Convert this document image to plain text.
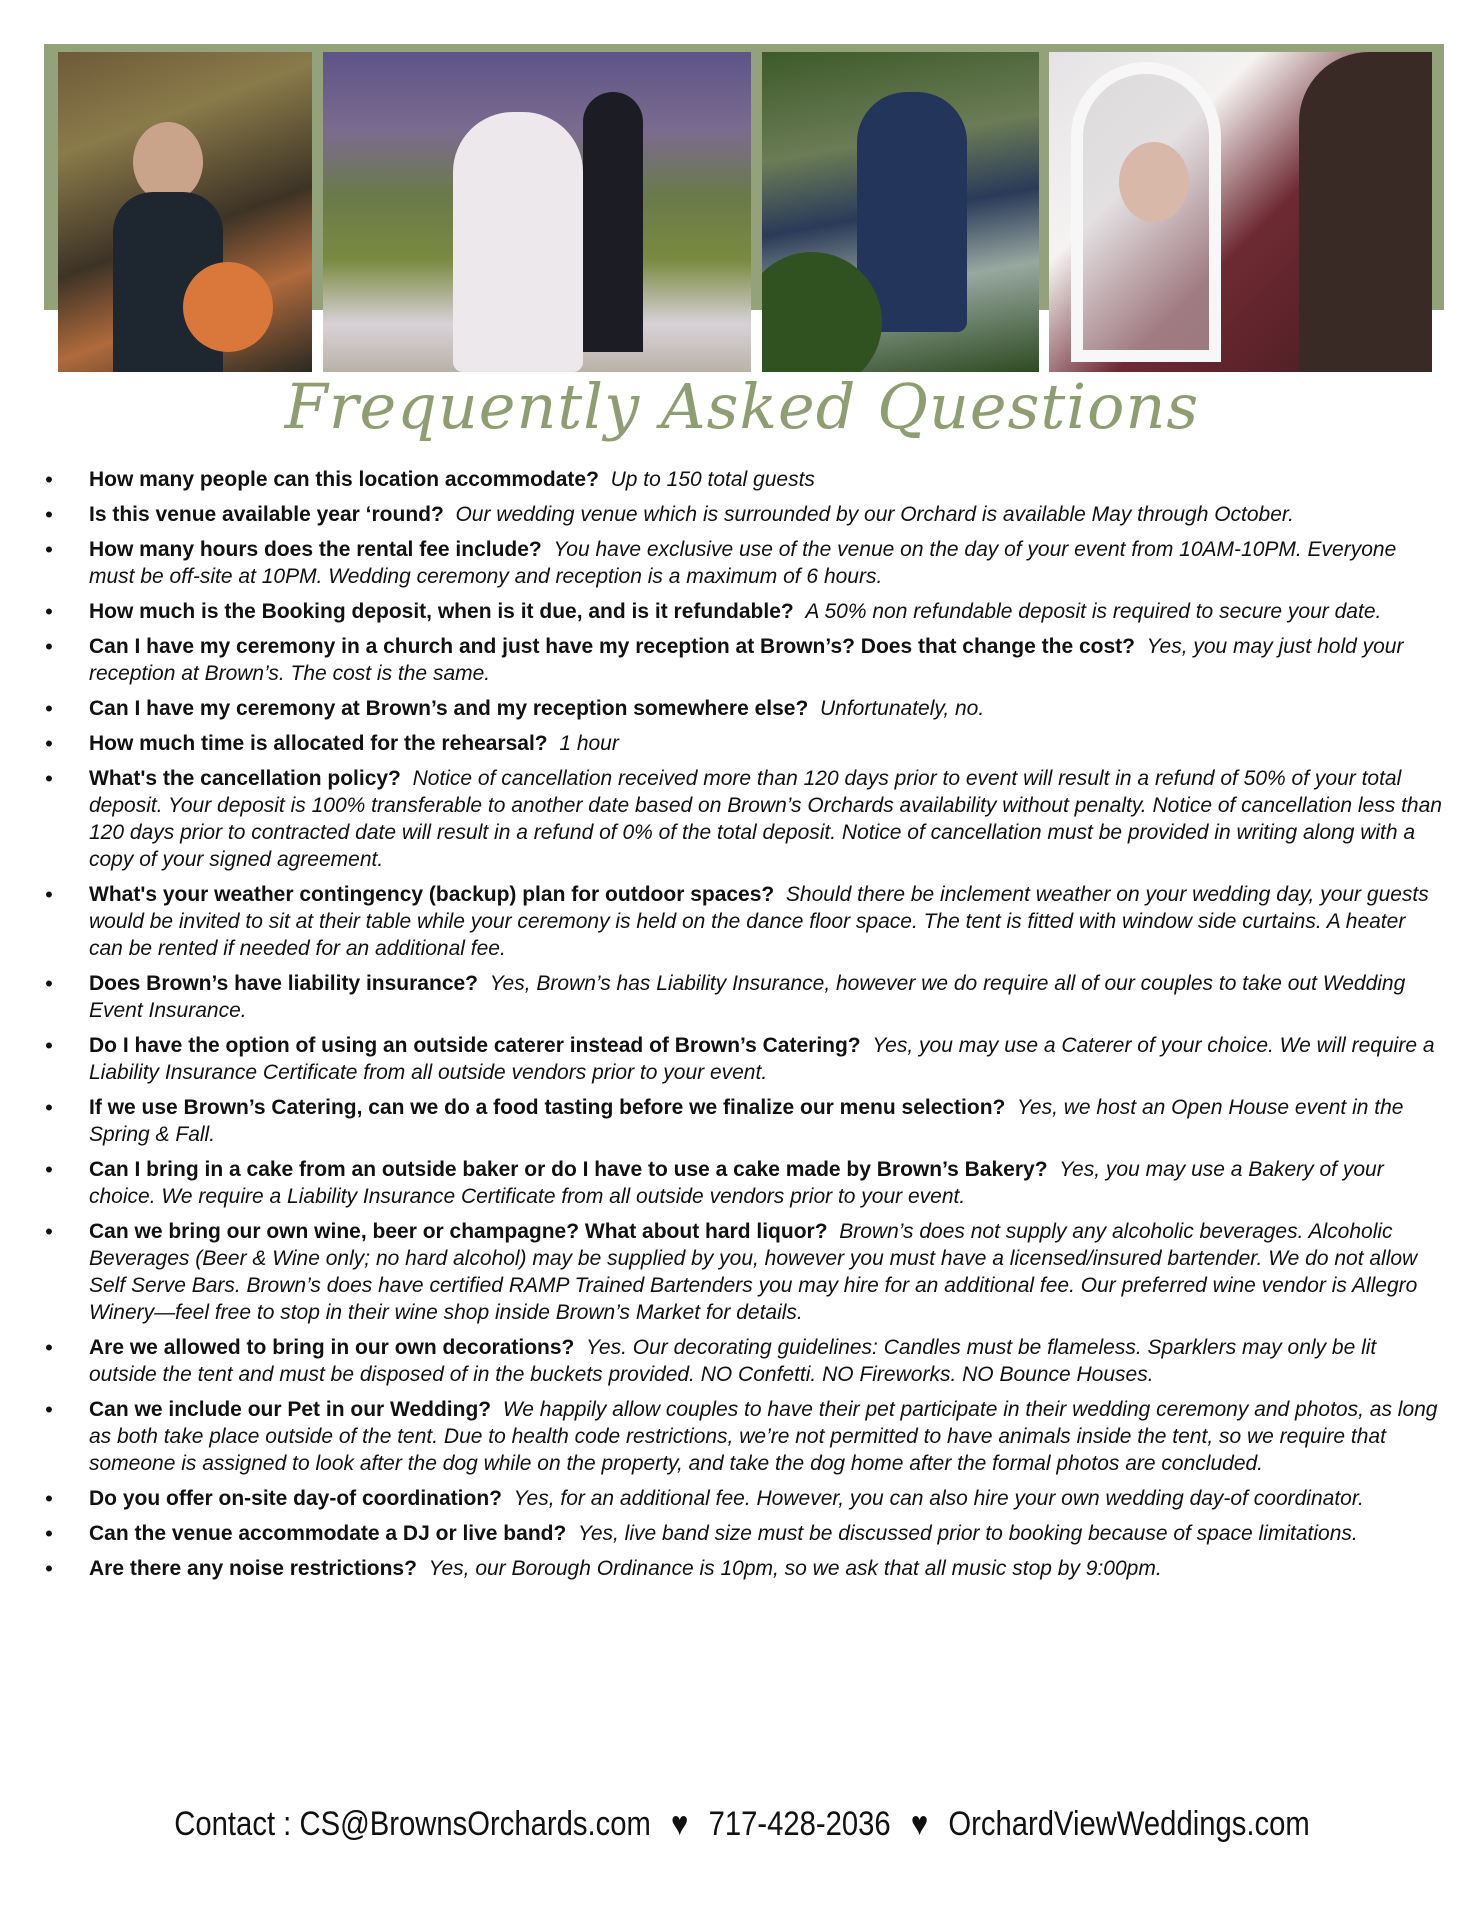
Frequently Asked Questions
• How many people can this location accommodate? Up to 150 total guests
• Is this venue available year ‘round? Our wedding venue which is surrounded by our Orchard is available May through October.
• How many hours does the rental fee include? You have exclusive use of the venue on the day of your event from 10AM-10PM. Everyone must be off-site at 10PM. Wedding ceremony and reception is a maximum of 6 hours.
• How much is the Booking deposit, when is it due, and is it refundable? A 50% non refundable deposit is required to secure your date.
• Can I have my ceremony in a church and just have my reception at Brown’s? Does that change the cost? Yes, you may just hold your reception at Brown’s. The cost is the same.
• Can I have my ceremony at Brown’s and my reception somewhere else? Unfortunately, no.
• How much time is allocated for the rehearsal? 1 hour
• What's the cancellation policy? Notice of cancellation received more than 120 days prior to event will result in a refund of 50% of your total deposit. Your deposit is 100% transferable to another date based on Brown’s Orchards availability without penalty. Notice of cancellation less than 120 days prior to contracted date will result in a refund of 0% of the total deposit. Notice of cancellation must be provided in writing along with a copy of your signed agreement.
• What's your weather contingency (backup) plan for outdoor spaces? Should there be inclement weather on your wedding day, your guests would be invited to sit at their table while your ceremony is held on the dance floor space. The tent is fitted with window side curtains. A heater can be rented if needed for an additional fee.
• Does Brown’s have liability insurance? Yes, Brown’s has Liability Insurance, however we do require all of our couples to take out Wedding Event Insurance.
• Do I have the option of using an outside caterer instead of Brown’s Catering? Yes, you may use a Caterer of your choice. We will require a Liability Insurance Certificate from all outside vendors prior to your event.
• If we use Brown’s Catering, can we do a food tasting before we finalize our menu selection? Yes, we host an Open House event in the Spring & Fall.
• Can I bring in a cake from an outside baker or do I have to use a cake made by Brown’s Bakery? Yes, you may use a Bakery of your choice. We require a Liability Insurance Certificate from all outside vendors prior to your event.
• Can we bring our own wine, beer or champagne? What about hard liquor? Brown’s does not supply any alcoholic beverages. Alcoholic Beverages (Beer & Wine only; no hard alcohol) may be supplied by you, however you must have a licensed/insured bartender. We do not allow Self Serve Bars. Brown’s does have certified RAMP Trained Bartenders you may hire for an additional fee. Our preferred wine vendor is Allegro Winery—feel free to stop in their wine shop inside Brown’s Market for details.
• Are we allowed to bring in our own decorations? Yes. Our decorating guidelines: Candles must be flameless. Sparklers may only be lit outside the tent and must be disposed of in the buckets provided. NO Confetti. NO Fireworks. NO Bounce Houses.
• Can we include our Pet in our Wedding? We happily allow couples to have their pet participate in their wedding ceremony and photos, as long as both take place outside of the tent. Due to health code restrictions, we’re not permitted to have animals inside the tent, so we require that someone is assigned to look after the dog while on the property, and take the dog home after the formal photos are concluded.
• Do you offer on-site day-of coordination? Yes, for an additional fee. However, you can also hire your own wedding day-of coordinator.
• Can the venue accommodate a DJ or live band? Yes, live band size must be discussed prior to booking because of space limitations.
• Are there any noise restrictions? Yes, our Borough Ordinance is 10pm, so we ask that all music stop by 9:00pm.
Contact : CS@BrownsOrchards.com ♥ 717-428-2036 ♥ OrchardViewWeddings.com
